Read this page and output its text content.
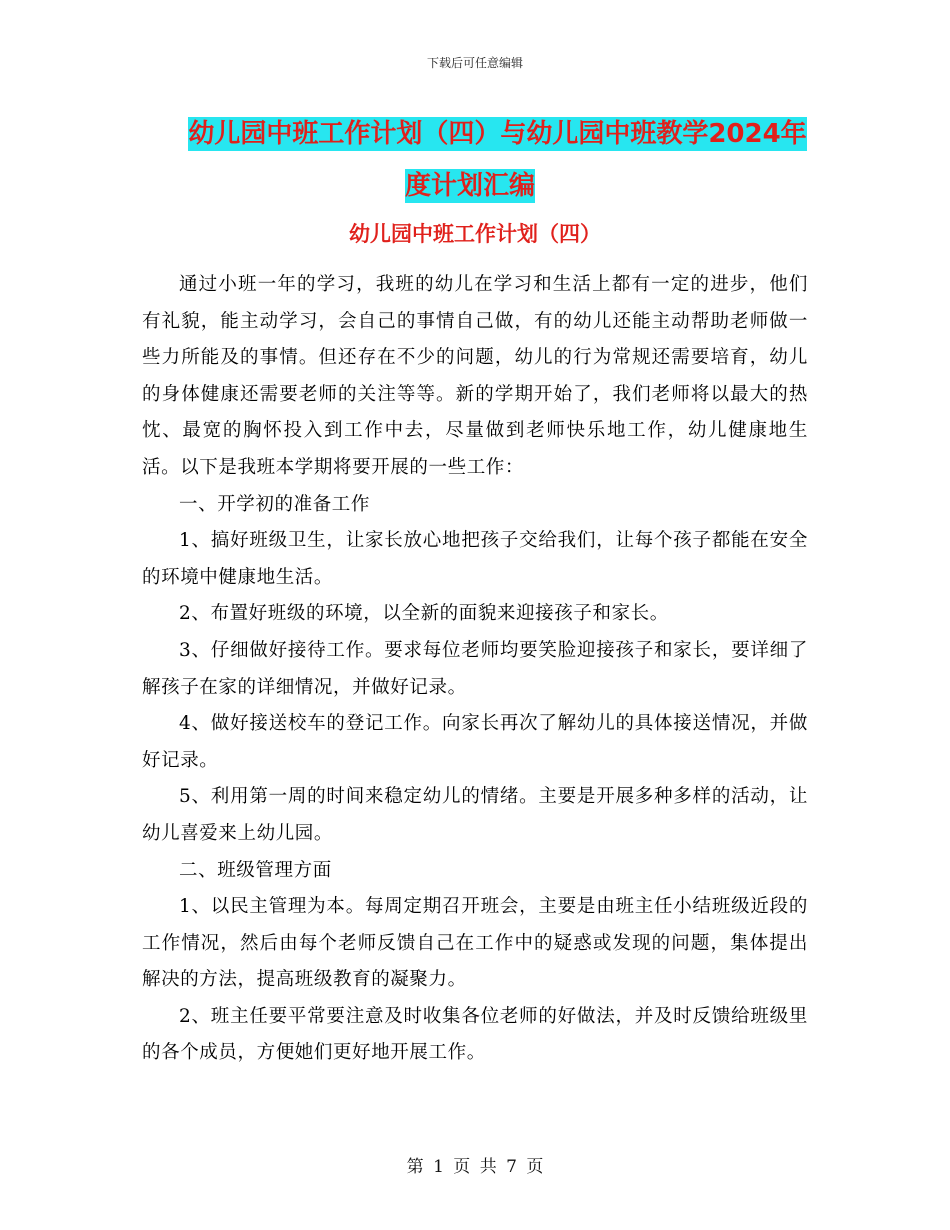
下载后可任意编辑
幼儿园中班工作计划（四）与幼儿园中班教学2024年
度计划汇编
幼儿园中班工作计划（四）

通过小班一年的学习，我班的幼儿在学习和生活上都有一定的进步，他们有礼貌，能主动学习，会自己的事情自己做，有的幼儿还能主动帮助老师做一些力所能及的事情。但还存在不少的问题，幼儿的行为常规还需要培育，幼儿的身体健康还需要老师的关注等等。新的学期开始了，我们老师将以最大的热忱、最宽的胸怀投入到工作中去，尽量做到老师快乐地工作，幼儿健康地生活。以下是我班本学期将要开展的一些工作：

一、开学初的准备工作

1、搞好班级卫生，让家长放心地把孩子交给我们，让每个孩子都能在安全的环境中健康地生活。

2、布置好班级的环境，以全新的面貌来迎接孩子和家长。

3、仔细做好接待工作。要求每位老师均要笑脸迎接孩子和家长，要详细了解孩子在家的详细情况，并做好记录。

4、做好接送校车的登记工作。向家长再次了解幼儿的具体接送情况，并做好记录。

5、利用第一周的时间来稳定幼儿的情绪。主要是开展多种多样的活动，让幼儿喜爱来上幼儿园。

二、班级管理方面

1、以民主管理为本。每周定期召开班会，主要是由班主任小结班级近段的工作情况，然后由每个老师反馈自己在工作中的疑惑或发现的问题，集体提出解决的方法，提高班级教育的凝聚力。

2、班主任要平常要注意及时收集各位老师的好做法，并及时反馈给班级里的各个成员，方便她们更好地开展工作。

第 1 页 共 7 页
